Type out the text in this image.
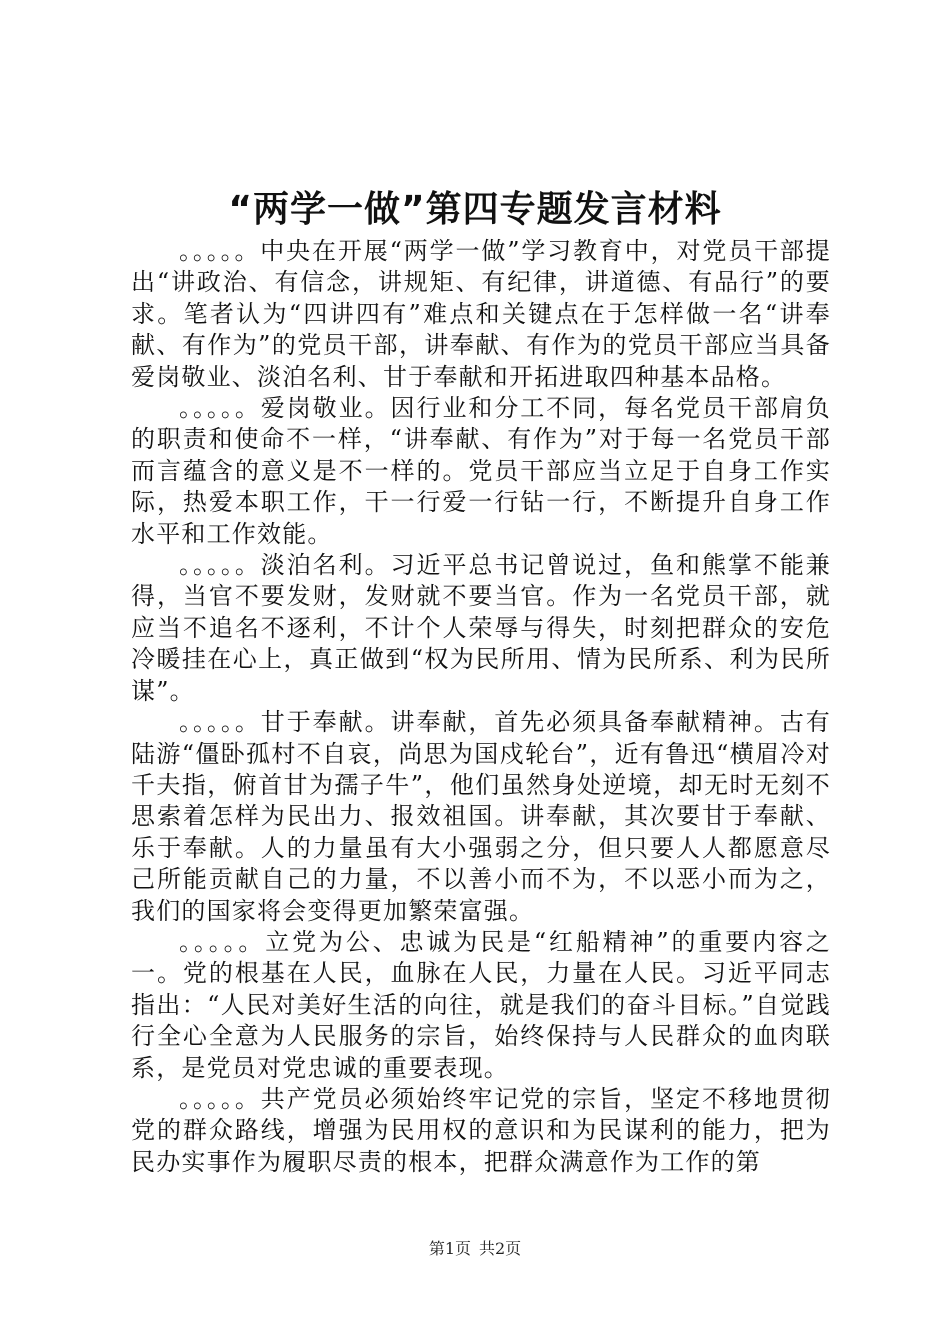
“两学一做”第四专题发言材料

。。。。。中央在开展“两学一做”学习教育中，对党员干部提出“讲政治、有信念，讲规矩、有纪律，讲道德、有品行”的要求。笔者认为“四讲四有”难点和关键点在于怎样做一名“讲奉献、有作为”的党员干部，讲奉献、有作为的党员干部应当具备爱岗敬业、淡泊名利、甘于奉献和开拓进取四种基本品格。

。。。。。爱岗敬业。因行业和分工不同，每名党员干部肩负的职责和使命不一样，“讲奉献、有作为”对于每一名党员干部而言蕴含的意义是不一样的。党员干部应当立足于自身工作实际，热爱本职工作，干一行爱一行钻一行，不断提升自身工作水平和工作效能。

。。。。。淡泊名利。习近平总书记曾说过，鱼和熊掌不能兼得，当官不要发财，发财就不要当官。作为一名党员干部，就应当不追名不逐利，不计个人荣辱与得失，时刻把群众的安危冷暖挂在心上，真正做到“权为民所用、情为民所系、利为民所谋”。

。。。。。甘于奉献。讲奉献，首先必须具备奉献精神。古有陆游“僵卧孤村不自哀，尚思为国戍轮台”，近有鲁迅“横眉冷对千夫指，俯首甘为孺子牛”，他们虽然身处逆境，却无时无刻不思索着怎样为民出力、报效祖国。讲奉献，其次要甘于奉献、乐于奉献。人的力量虽有大小强弱之分，但只要人人都愿意尽己所能贡献自己的力量，不以善小而不为，不以恶小而为之，我们的国家将会变得更加繁荣富强。

。。。。。立党为公、忠诚为民是“红船精神”的重要内容之一。党的根基在人民，血脉在人民，力量在人民。习近平同志指出：“人民对美好生活的向往，就是我们的奋斗目标。”自觉践行全心全意为人民服务的宗旨，始终保持与人民群众的血肉联系，是党员对党忠诚的重要表现。

。。。。。共产党员必须始终牢记党的宗旨，坚定不移地贯彻党的群众路线，增强为民用权的意识和为民谋利的能力，把为民办实事作为履职尽责的根本，把群众满意作为工作的第

第1页 共2页
